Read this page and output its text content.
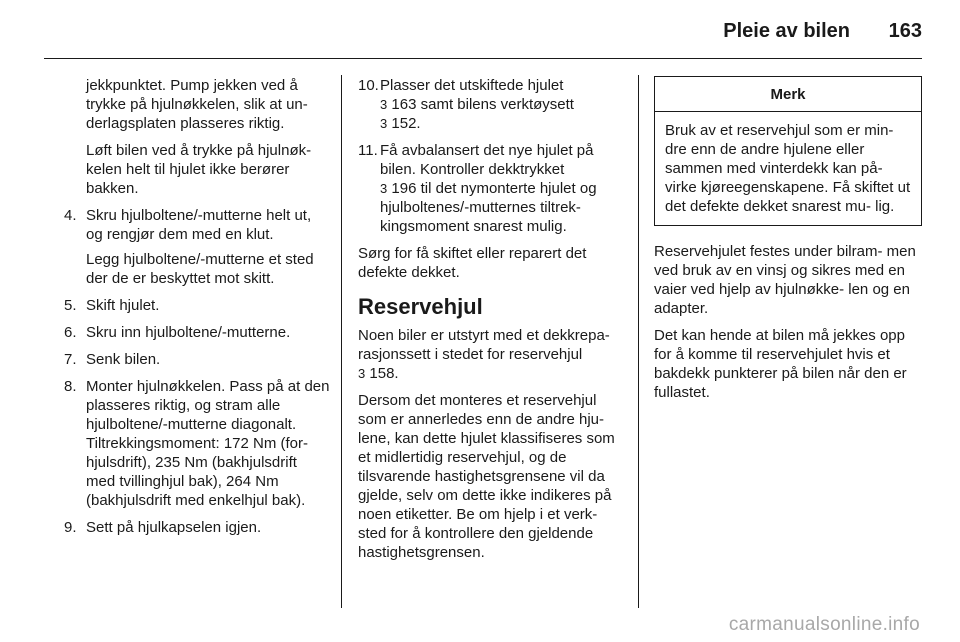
Pleie av bilen 163

jekkpunktet. Pump jekken ved å trykke på hjulnøkkelen, slik at un- derlagsplaten plasseres riktig.

Løft bilen ved å trykke på hjulnøk- kelen helt til hjulet ikke berører bakken.

4. Skru hjulboltene/-mutterne helt ut, og rengjør dem med en klut.
Legg hjulboltene/-mutterne et sted der de er beskyttet mot skitt.
5. Skift hjulet.
6. Skru inn hjulboltene/-mutterne.
7. Senk bilen.
8. Monter hjulnøkkelen. Pass på at den plasseres riktig, og stram alle hjulboltene/-mutterne diagonalt. Tiltrekkingsmoment: 172 Nm (for- hjulsdrift), 235 Nm (bakhjulsdrift med tvillinghjul bak), 264 Nm (bakhjulsdrift med enkelhjul bak).
9. Sett på hjulkapselen igjen.
10. Plasser det utskiftede hjulet
3 163 samt bilens verktøysett
3 152.
11. Få avbalansert det nye hjulet på bilen. Kontroller dekktrykket
3 196 til det nymonterte hjulet og hjulboltenes/-mutternes tiltrek- kingsmoment snarest mulig.

Sørg for få skiftet eller reparert det defekte dekket.

Reservehjul

Noen biler er utstyrt med et dekkrepa- rasjonssett i stedet for reservehjul
3 158.

Dersom det monteres et reservehjul som er annerledes enn de andre hju- lene, kan dette hjulet klassifiseres som et midlertidig reservehjul, og de tilsvarende hastighetsgrensene vil da gjelde, selv om dette ikke indikeres på noen etiketter. Be om hjelp i et verk- sted for å kontrollere den gjeldende hastighetsgrensen.

Merk
Bruk av et reservehjul som er min- dre enn de andre hjulene eller sammen med vinterdekk kan på- virke kjøreegenskapene. Få skiftet ut det defekte dekket snarest mu- lig.

Reservehjulet festes under bilram- men ved bruk av en vinsj og sikres med en vaier ved hjelp av hjulnøkke- len og en adapter.

Det kan hende at bilen må jekkes opp for å komme til reservehjulet hvis et bakdekk punkterer på bilen når den er fullastet.

carmanualsonline.info
